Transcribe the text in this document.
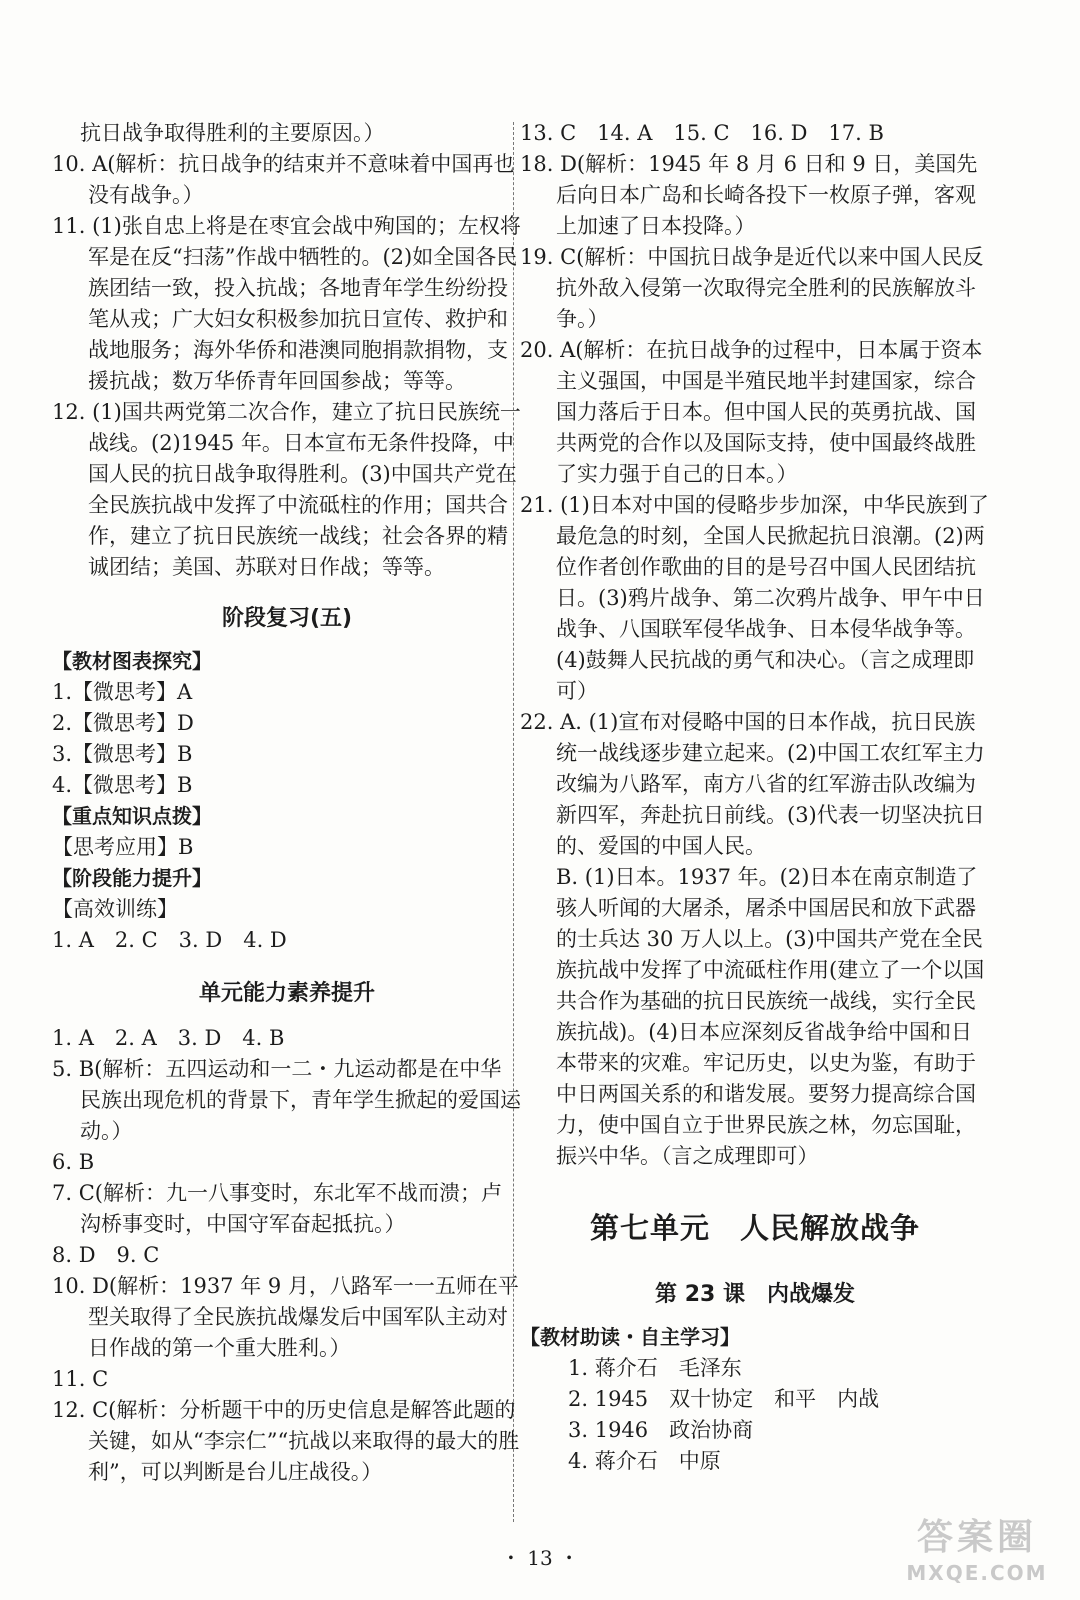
抗日战争取得胜利的主要原因。）

10. A(解析：抗日战争的结束并不意味着中国再也没有战争。）

11. (1)张自忠上将是在枣宜会战中殉国的；左权将军是在反“扫荡”作战中牺牲的。(2)如全国各民族团结一致，投入抗战；各地青年学生纷纷投笔从戎；广大妇女积极参加抗日宣传、救护和战地服务；海外华侨和港澳同胞捐款捐物，支援抗战；数万华侨青年回国参战；等等。

12. (1)国共两党第二次合作，建立了抗日民族统一战线。(2)1945 年。日本宣布无条件投降，中国人民的抗日战争取得胜利。(3)中国共产党在全民族抗战中发挥了中流砥柱的作用；国共合作，建立了抗日民族统一战线；社会各界的精诚团结；美国、苏联对日作战；等等。

阶段复习(五)

【教材图表探究】

1.【微思考】A

2.【微思考】D

3.【微思考】B

4.【微思考】B

【重点知识点拨】

【思考应用】B

【阶段能力提升】

【高效训练】

1. A　2. C　3. D　4. D

单元能力素养提升

1. A　2. A　3. D　4. B

5. B(解析：五四运动和一二・九运动都是在中华民族出现危机的背景下，青年学生掀起的爱国运动。）

6. B

7. C(解析：九一八事变时，东北军不战而溃；卢沟桥事变时，中国守军奋起抵抗。）

8. D　9. C

10. D(解析：1937 年 9 月，八路军一一五师在平型关取得了全民族抗战爆发后中国军队主动对日作战的第一个重大胜利。）

11. C

12. C(解析：分析题干中的历史信息是解答此题的关键，如从“李宗仁”“抗战以来取得的最大的胜利”，可以判断是台儿庄战役。）

13. C　14. A　15. C　16. D　17. B

18. D(解析：1945 年 8 月 6 日和 9 日，美国先后向日本广岛和长崎各投下一枚原子弹，客观上加速了日本投降。）

19. C(解析：中国抗日战争是近代以来中国人民反抗外敌入侵第一次取得完全胜利的民族解放斗争。）

20. A(解析：在抗日战争的过程中，日本属于资本主义强国，中国是半殖民地半封建国家，综合国力落后于日本。但中国人民的英勇抗战、国共两党的合作以及国际支持，使中国最终战胜了实力强于自己的日本。）

21. (1)日本对中国的侵略步步加深，中华民族到了最危急的时刻，全国人民掀起抗日浪潮。(2)两位作者创作歌曲的目的是号召中国人民团结抗日。(3)鸦片战争、第二次鸦片战争、甲午中日战争、八国联军侵华战争、日本侵华战争等。(4)鼓舞人民抗战的勇气和决心。（言之成理即可）

22. A. (1)宣布对侵略中国的日本作战，抗日民族统一战线逐步建立起来。(2)中国工农红军主力改编为八路军，南方八省的红军游击队改编为新四军，奔赴抗日前线。(3)代表一切坚决抗日的、爱国的中国人民。

B. (1)日本。1937 年。(2)日本在南京制造了骇人听闻的大屠杀，屠杀中国居民和放下武器的士兵达 30 万人以上。(3)中国共产党在全民族抗战中发挥了中流砥柱作用(建立了一个以国共合作为基础的抗日民族统一战线，实行全民族抗战)。(4)日本应深刻反省战争给中国和日本带来的灾难。牢记历史，以史为鉴，有助于中日两国关系的和谐发展。要努力提高综合国力，使中国自立于世界民族之林，勿忘国耻，振兴中华。（言之成理即可）

第七单元　人民解放战争

第 23 课　内战爆发

【教材助读・自主学习】

1. 蒋介石　毛泽东

2. 1945　双十协定　和平　内战

3. 1946　政治协商

4. 蒋介石　中原

・ 13 ・	答案圈
MXQE.COM
